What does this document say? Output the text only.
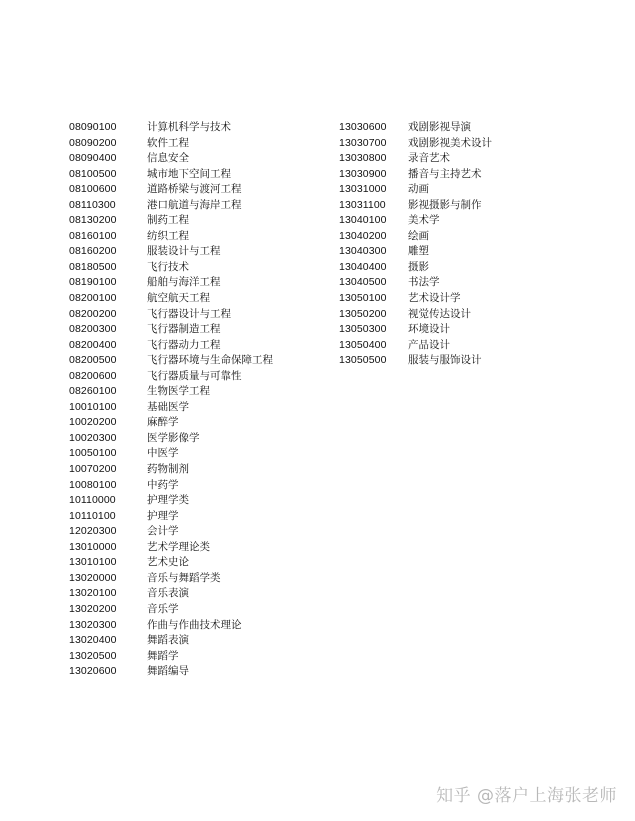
08090100	计算机科学与技术
08090200	软件工程
08090400	信息安全
08100500	城市地下空间工程
08100600	道路桥梁与渡河工程
08110300	港口航道与海岸工程
08130200	制药工程
08160100	纺织工程
08160200	服装设计与工程
08180500	飞行技术
08190100	船舶与海洋工程
08200100	航空航天工程
08200200	飞行器设计与工程
08200300	飞行器制造工程
08200400	飞行器动力工程
08200500	飞行器环境与生命保障工程
08200600	飞行器质量与可靠性
08260100	生物医学工程
10010100	基础医学
10020200	麻醉学
10020300	医学影像学
10050100	中医学
10070200	药物制剂
10080100	中药学
10110000	护理学类
10110100	护理学
12020300	会计学
13010000	艺术学理论类
13010100	艺术史论
13020000	音乐与舞蹈学类
13020100	音乐表演
13020200	音乐学
13020300	作曲与作曲技术理论
13020400	舞蹈表演
13020500	舞蹈学
13020600	舞蹈编导
13030600 戏剧影视导演
13030700 戏剧影视美术设计
13030800 录音艺术
13030900 播音与主持艺术
13031000 动画
13031100 影视摄影与制作
13040100 美术学
13040200 绘画
13040300 雕塑
13040400 摄影
13040500 书法学
13050100 艺术设计学
13050200 视觉传达设计
13050300 环境设计
13050400 产品设计
13050500 服装与服饰设计
知乎 @落户上海张老师
